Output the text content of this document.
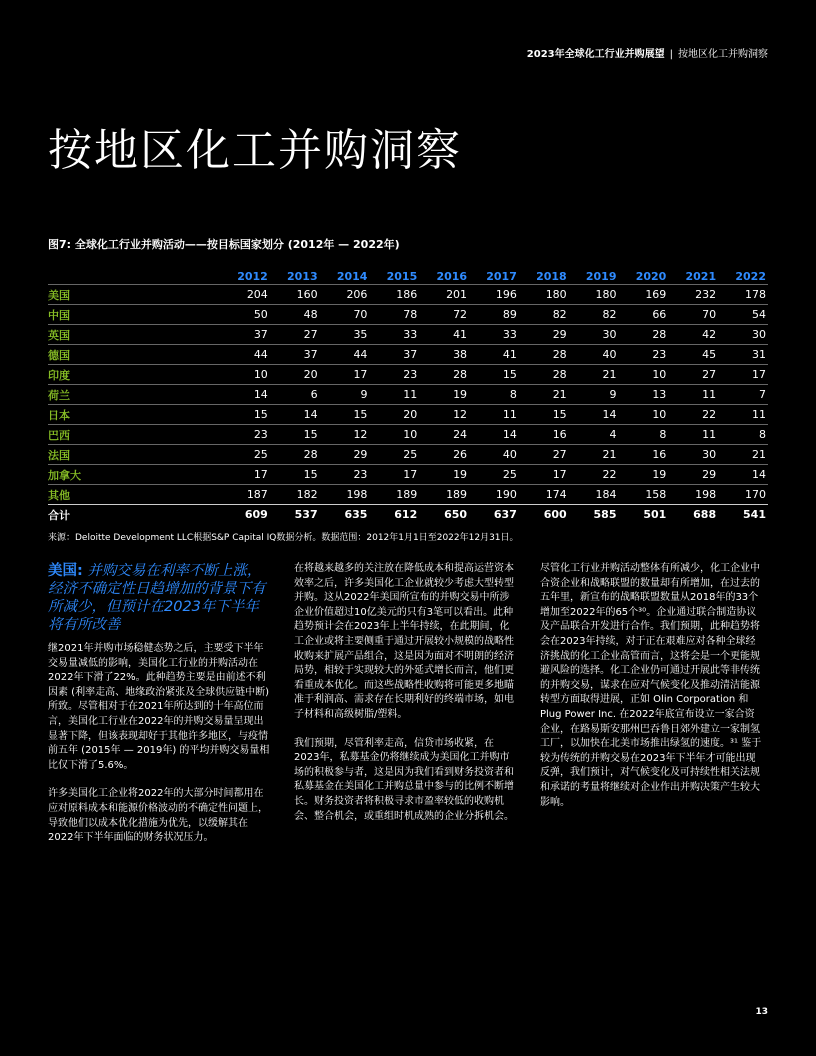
2023年全球化工行业并购展望 | 按地区化工并购洞察
按地区化工并购洞察
图7: 全球化工行业并购活动——按目标国家划分 (2012年 — 2022年)
	2012	2013	2014	2015	2016	2017	2018	2019	2020	2021	2022
美国	204	160	206	186	201	196	180	180	169	232	178
中国	50	48	70	78	72	89	82	82	66	70	54
英国	37	27	35	33	41	33	29	30	28	42	30
德国	44	37	44	37	38	41	28	40	23	45	31
印度	10	20	17	23	28	15	28	21	10	27	17
荷兰	14	6	9	11	19	8	21	9	13	11	7
日本	15	14	15	20	12	11	15	14	10	22	11
巴西	23	15	12	10	24	14	16	4	8	11	8
法国	25	28	29	25	26	40	27	21	16	30	21
加拿大	17	15	23	17	19	25	17	22	19	29	14
其他	187	182	198	189	189	190	174	184	158	198	170
合计	609	537	635	612	650	637	600	585	501	688	541
来源：Deloitte Development LLC根据S&P Capital IQ数据分析。数据范围：2012年1月1日至2022年12月31日。
美国: 并购交易在利率不断上涨，经济不确定性日趋增加的背景下有所减少，但预计在2023年下半年将有所改善

继2021年并购市场稳健态势之后，主要受下半年交易量减低的影响，美国化工行业的并购活动在2022年下滑了22%。此种趋势主要是由前述不利因素 (利率走高、地缘政治紧张及全球供应链中断) 所致。尽管相对于在2021年所达到的十年高位而言，美国化工行业在2022年的并购交易量呈现出显著下降，但该表现却好于其他许多地区，与疫情前五年 (2015年 — 2019年) 的平均并购交易量相比仅下滑了5.6%。

许多美国化工企业将2022年的大部分时间都用在应对原料成本和能源价格波动的不确定性问题上，导致他们以成本优化措施为优先，以缓解其在2022年下半年面临的财务状况压力。

在将越来越多的关注放在降低成本和提高运营资本效率之后，许多美国化工企业就较少考虑大型转型并购。这从2022年美国所宣布的并购交易中所涉企业价值超过10亿美元的只有3笔可以看出。此种趋势预计会在2023年上半年持续，在此期间，化工企业或将主要侧重于通过开展较小规模的战略性收购来扩展产品组合，这是因为面对不明朗的经济局势，相较于实现较大的外延式增长而言，他们更看重成本优化。而这些战略性收购将可能更多地瞄准于利润高、需求存在长期利好的终端市场，如电子材料和高级树脂/塑料。

我们预期，尽管利率走高，信贷市场收紧，在2023年，私募基金仍将继续成为美国化工并购市场的积极参与者，这是因为我们看到财务投资者和私募基金在美国化工并购总量中参与的比例不断增长。财务投资者将积极寻求市盈率较低的收购机会、整合机会，或重组时机成熟的企业分拆机会。

尽管化工行业并购活动整体有所减少，化工企业中合资企业和战略联盟的数量却有所增加，在过去的五年里，新宣布的战略联盟数量从2018年的33个增加至2022年的65个³⁰。企业通过联合制造协议及产品联合开发进行合作。我们预期，此种趋势将会在2023年持续，对于正在艰难应对各种全球经济挑战的化工企业高管而言，这将会是一个更能规避风险的选择。化工企业仍可通过开展此等非传统的并购交易，谋求在应对气候变化及推动清洁能源转型方面取得进展，正如 Olin Corporation 和 Plug Power Inc. 在2022年底宣布设立一家合资企业，在路易斯安那州巴吞鲁日郊外建立一家制氢工厂，以加快在北美市场推出绿氢的速度。³¹ 鉴于较为传统的并购交易在2023年下半年才可能出现反弹，我们预计，对气候变化及可持续性相关法规和承诺的考量将继续对企业作出并购决策产生较大影响。

13
